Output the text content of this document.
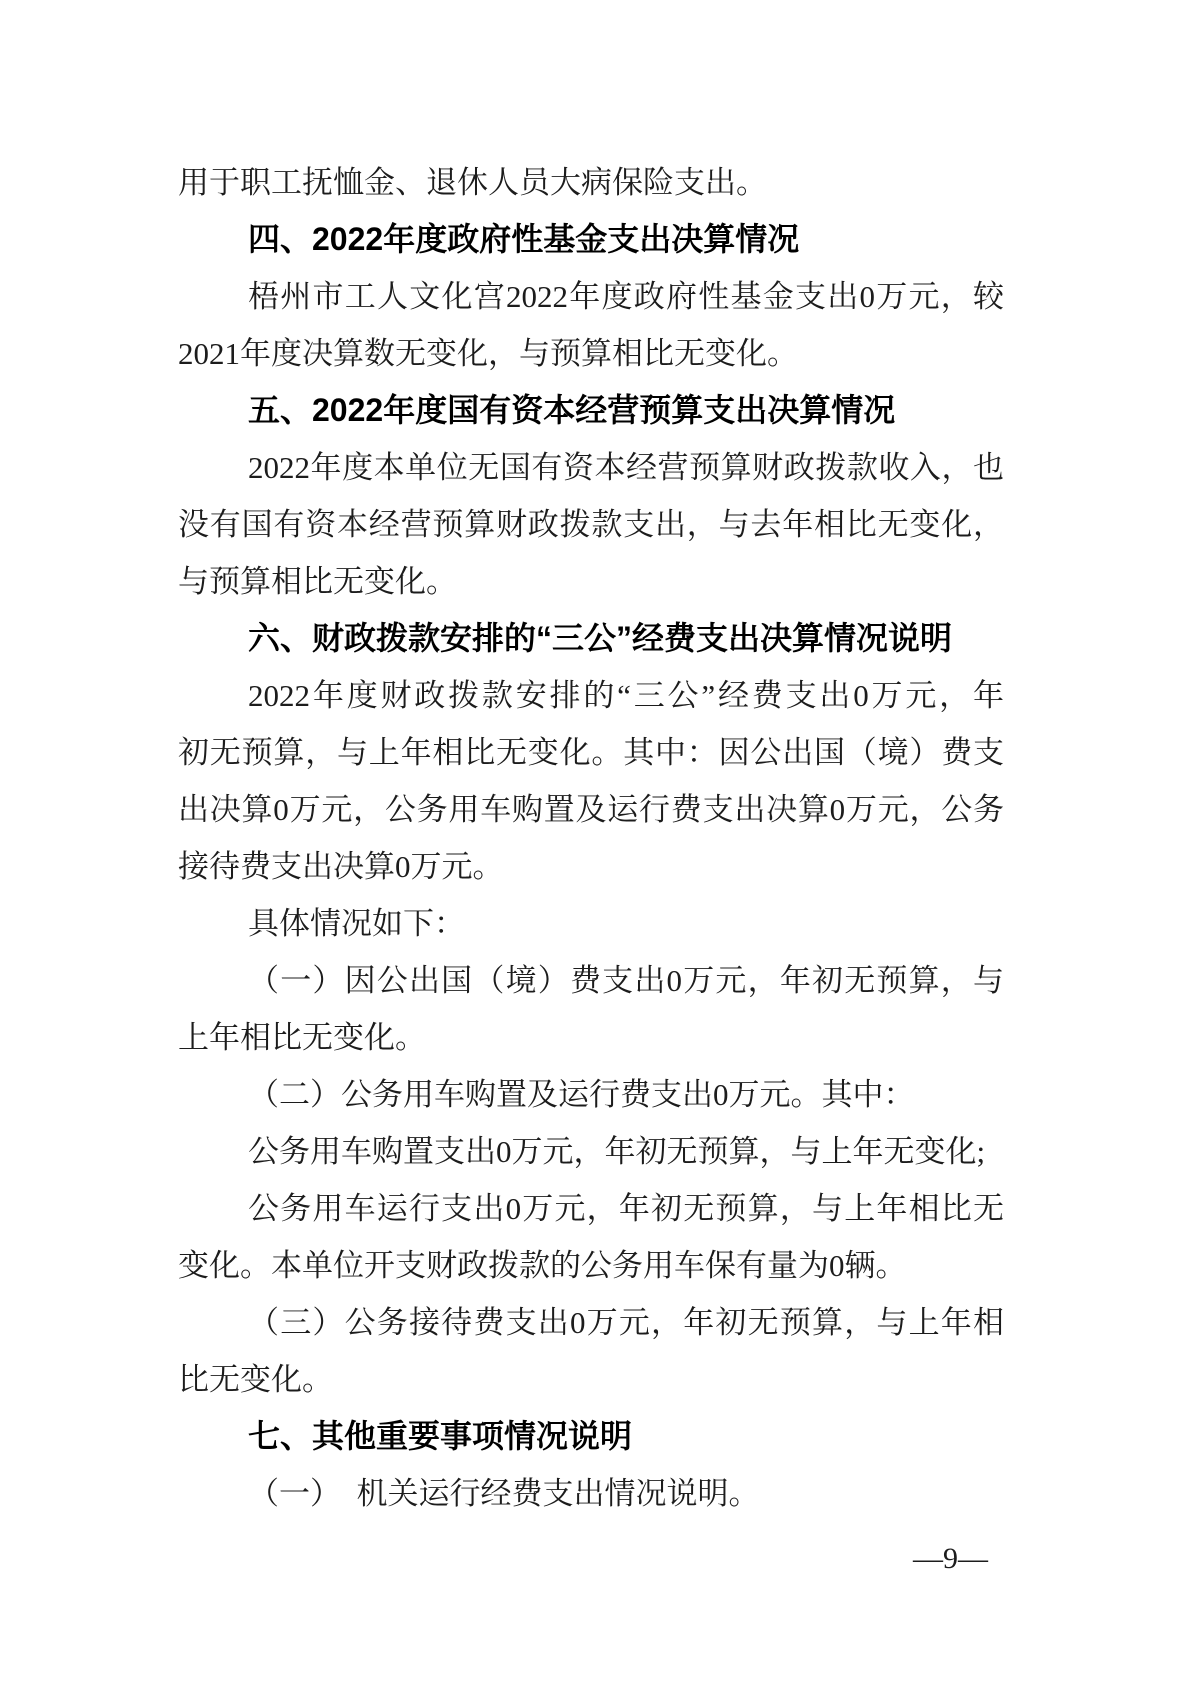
用于职工抚恤金、退休人员大病保险支出。
四、2022年度政府性基金支出决算情况
梧州市工人文化宫2022年度政府性基金支出0万元，较
2021年度决算数无变化，与预算相比无变化。
五、2022年度国有资本经营预算支出决算情况
2022年度本单位无国有资本经营预算财政拨款收入，也
没有国有资本经营预算财政拨款支出，与去年相比无变化，
与预算相比无变化。
六、财政拨款安排的“三公”经费支出决算情况说明
2022年度财政拨款安排的“三公”经费支出0万元，年
初无预算，与上年相比无变化。其中：因公出国（境）费支
出决算0万元，公务用车购置及运行费支出决算0万元，公务
接待费支出决算0万元。
具体情况如下：
（一）因公出国（境）费支出0万元，年初无预算，与
上年相比无变化。
（二）公务用车购置及运行费支出0万元。其中：
公务用车购置支出0万元，年初无预算，与上年无变化;
公务用车运行支出0万元，年初无预算，与上年相比无
变化。本单位开支财政拨款的公务用车保有量为0辆。
（三）公务接待费支出0万元，年初无预算，与上年相
比无变化。
七、其他重要事项情况说明
（一）　机关运行经费支出情况说明。
—9—
